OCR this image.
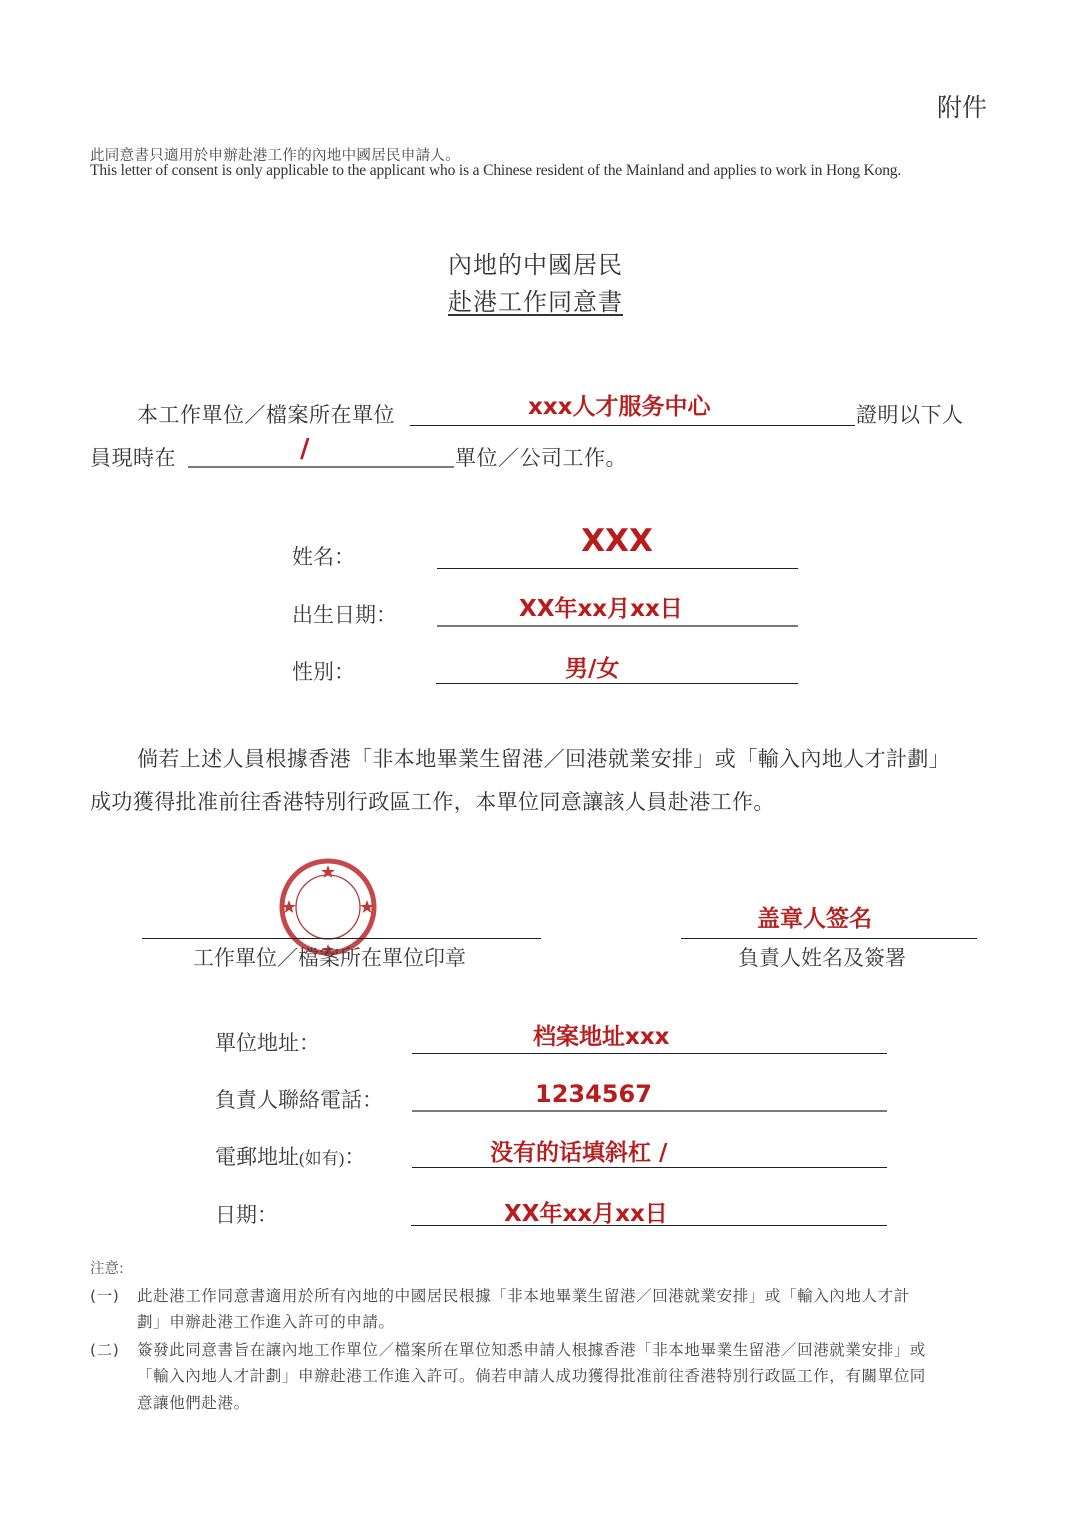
附件
此同意書只適用於申辦赴港工作的內地中國居民申請人。
This letter of consent is only applicable to the applicant who is a Chinese resident of the Mainland and applies to work in Hong Kong.
內地的中國居民
赴港工作同意書
本工作單位／檔案所在單位	xxx人才服务中心	證明以下人
員現時在	/	單位／公司工作。
姓名：	XXX
出生日期：	XX年xx月xx日
性別：	男/女
倘若上述人員根據香港「非本地畢業生留港／回港就業安排」或「輸入內地人才計劃」
成功獲得批准前往香港特別行政區工作，本單位同意讓該人員赴港工作。
工作單位／檔案所在單位印章
盖章人签名
負責人姓名及簽署
單位地址：	档案地址xxx
負責人聯絡電話：	1234567
電郵地址(如有)：	没有的话填斜杠 /
日期：	XX年xx月xx日
注意:
(一) 此赴港工作同意書適用於所有內地的中國居民根據「非本地畢業生留港／回港就業安排」或「輸入內地人才計
劃」申辦赴港工作進入許可的申請。
(二) 簽發此同意書旨在讓內地工作單位／檔案所在單位知悉申請人根據香港「非本地畢業生留港／回港就業安排」或
「輸入內地人才計劃」申辦赴港工作進入許可。倘若申請人成功獲得批准前往香港特別行政區工作，有關單位同
意讓他們赴港。
